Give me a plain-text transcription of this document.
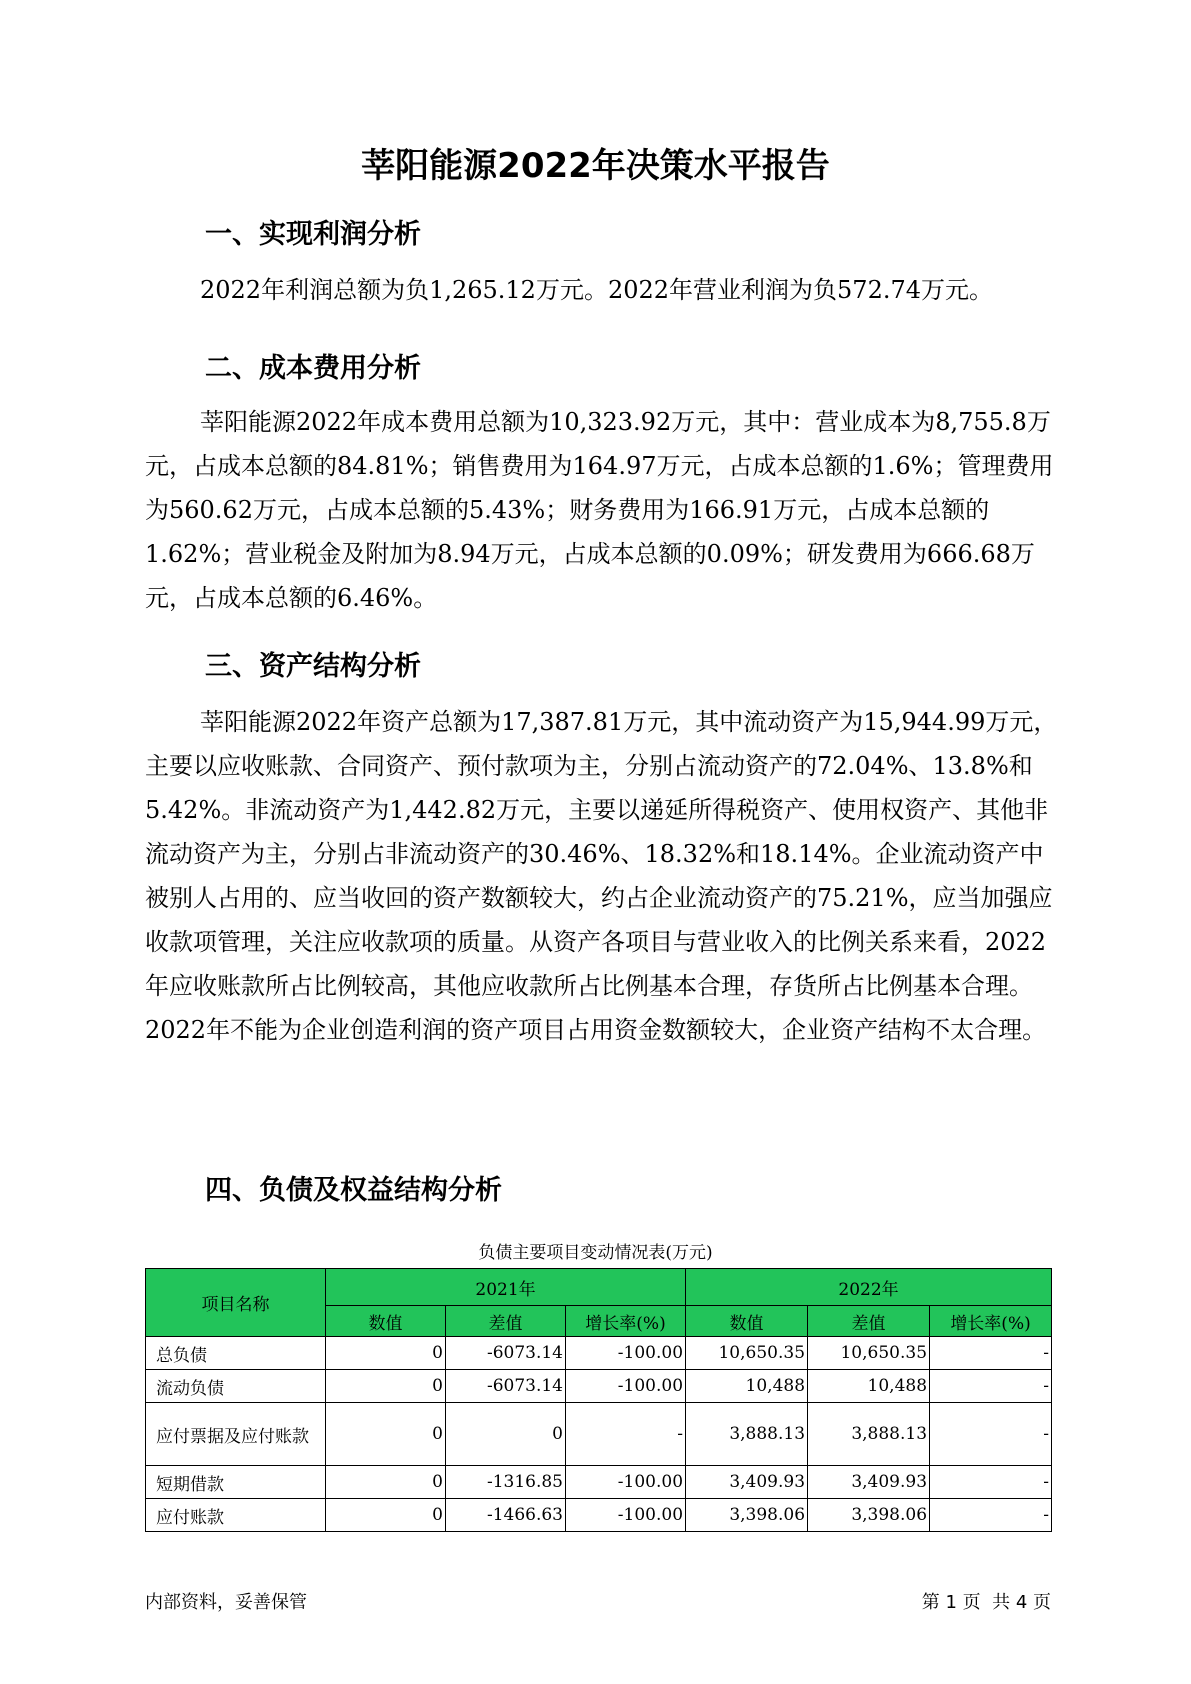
莘阳能源2022年决策水平报告
一、实现利润分析

2022年利润总额为负1,265.12万元。2022年营业利润为负572.74万元。

二、成本费用分析

莘阳能源2022年成本费用总额为10,323.92万元，其中：营业成本为8,755.8万元，占成本总额的84.81%；销售费用为164.97万元，占成本总额的1.6%；管理费用为560.62万元，占成本总额的5.43%；财务费用为166.91万元，占成本总额的1.62%；营业税金及附加为8.94万元，占成本总额的0.09%；研发费用为666.68万元，占成本总额的6.46%。

三、资产结构分析

莘阳能源2022年资产总额为17,387.81万元，其中流动资产为15,944.99万元，主要以应收账款、合同资产、预付款项为主，分别占流动资产的72.04%、13.8%和5.42%。非流动资产为1,442.82万元，主要以递延所得税资产、使用权资产、其他非流动资产为主，分别占非流动资产的30.46%、18.32%和18.14%。企业流动资产中被别人占用的、应当收回的资产数额较大，约占企业流动资产的75.21%，应当加强应收款项管理，关注应收款项的质量。从资产各项目与营业收入的比例关系来看，2022年应收账款所占比例较高，其他应收款所占比例基本合理，存货所占比例基本合理。2022年不能为企业创造利润的资产项目占用资金数额较大，企业资产结构不太合理。

四、负债及权益结构分析
负债主要项目变动情况表(万元)
项目名称	2021年			2022年		
	数值	差值	增长率(%)	数值	差值	增长率(%)
总负债	0	-6073.14	-100.00	10,650.35	10,650.35	-
流动负债	0	-6073.14	-100.00	10,488	10,488	-
应付票据及应付账款	0	0	-	3,888.13	3,888.13	-
短期借款	0	-1316.85	-100.00	3,409.93	3,409.93	-
应付账款	0	-1466.63	-100.00	3,398.06	3,398.06	-
内部资料，妥善保管	第 1 页  共 4 页
